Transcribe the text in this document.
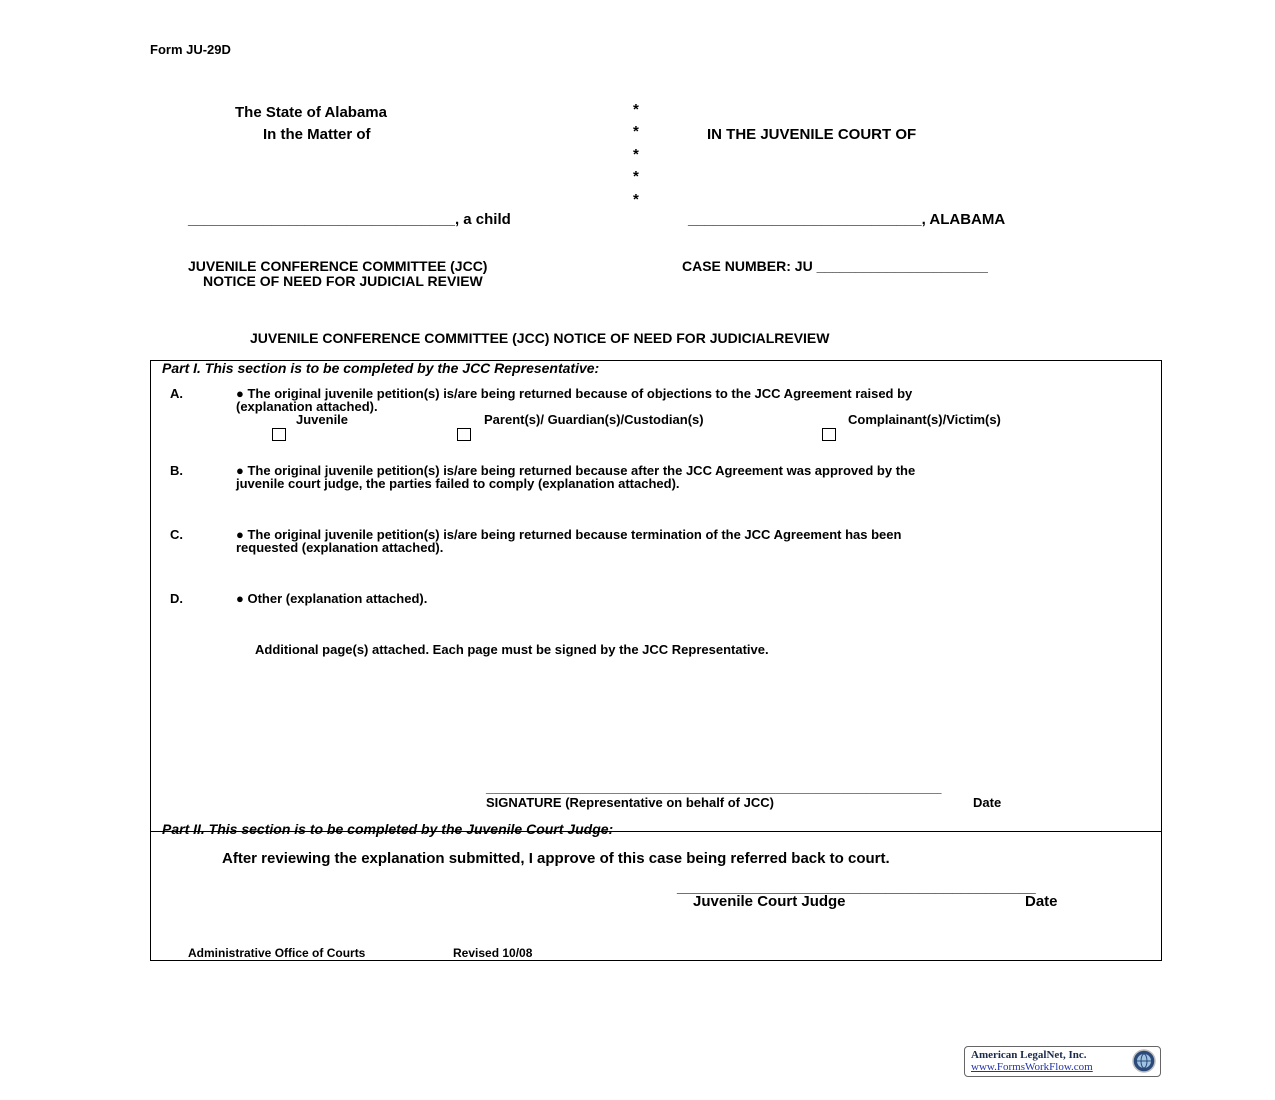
Form JU-29D
The State of Alabama
In the Matter of
*
*
*
*
*
IN THE JUVENILE COURT OF
________________________________, a child	____________________________, ALABAMA
JUVENILE CONFERENCE COMMITTEE (JCC)
NOTICE OF NEED FOR JUDICIAL REVIEW
CASE NUMBER: JU ______________________
JUVENILE CONFERENCE COMMITTEE (JCC) NOTICE OF NEED FOR JUDICIALREVIEW
Part I. This section is to be completed by the JCC Representative:
A.	● The original juvenile petition(s) is/are being returned because of objections to the JCC Agreement raised by
(explanation attached).
Juvenile	Parent(s)/ Guardian(s)/Custodian(s)	Complainant(s)/Victim(s)
B.	● The original juvenile petition(s) is/are being returned because after the JCC Agreement was approved by the
juvenile court judge, the parties failed to comply (explanation attached).
C.	● The original juvenile petition(s) is/are being returned because termination of the JCC Agreement has been
requested (explanation attached).
D.	● Other (explanation attached).
Additional page(s) attached. Each page must be signed by the JCC Representative.
_______________________________________________________________
SIGNATURE (Representative on behalf of JCC)	Date
Part II. This section is to be completed by the Juvenile Court Judge:
After reviewing the explanation submitted, I approve of this case being referred back to court.
___________________________________________
Juvenile Court Judge	Date
Administrative Office of Courts	Revised 10/08
American LegalNet, Inc.
www.FormsWorkFlow.com
